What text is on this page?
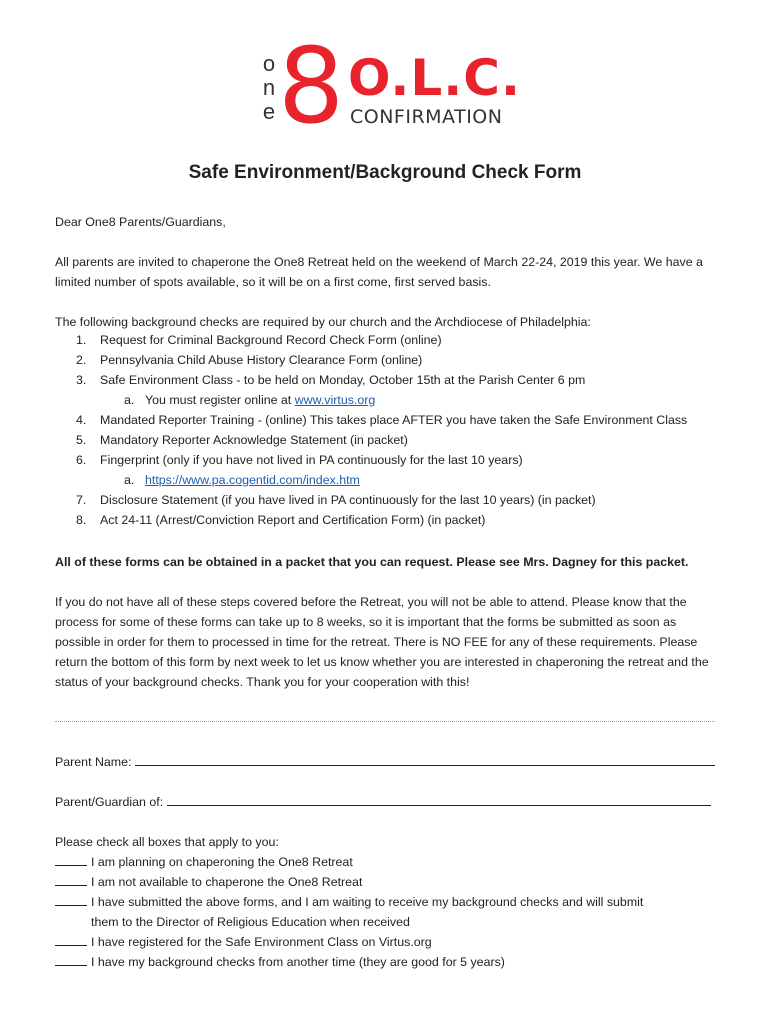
o
n
e 8 O.L.C.
CONFIRMATION
Safe Environment/Background Check Form

Dear One8 Parents/Guardians,

All parents are invited to chaperone the One8 Retreat held on the weekend of March 22-24, 2019 this year. We have a limited number of spots available, so it will be on a first come, first served basis.

The following background checks are required by our church and the Archdiocese of Philadelphia:

1. Request for Criminal Background Record Check Form (online)
2. Pennsylvania Child Abuse History Clearance Form (online)
3. Safe Environment Class - to be held on Monday, October 15th at the Parish Center 6 pm
a. You must register online at www.virtus.org
4. Mandated Reporter Training - (online) This takes place AFTER you have taken the Safe Environment Class
5. Mandatory Reporter Acknowledge Statement (in packet)
6. Fingerprint (only if you have not lived in PA continuously for the last 10 years)
a. https://www.pa.cogentid.com/index.htm
7. Disclosure Statement (if you have lived in PA continuously for the last 10 years) (in packet)
8. Act 24-11 (Arrest/Conviction Report and Certification Form) (in packet)

All of these forms can be obtained in a packet that you can request. Please see Mrs. Dagney for this packet.

If you do not have all of these steps covered before the Retreat, you will not be able to attend. Please know that the process for some of these forms can take up to 8 weeks, so it is important that the forms be submitted as soon as possible in order for them to processed in time for the retreat. There is NO FEE for any of these requirements. Please return the bottom of this form by next week to let us know whether you are interested in chaperoning the retreat and the status of your background checks. Thank you for your cooperation with this!

Parent Name:

Parent/Guardian of:

Please check all boxes that apply to you:
I am planning on chaperoning the One8 Retreat
I am not available to chaperone the One8 Retreat
I have submitted the above forms, and I am waiting to receive my background checks and will submit
them to the Director of Religious Education when received
I have registered for the Safe Environment Class on Virtus.org
I have my background checks from another time (they are good for 5 years)
